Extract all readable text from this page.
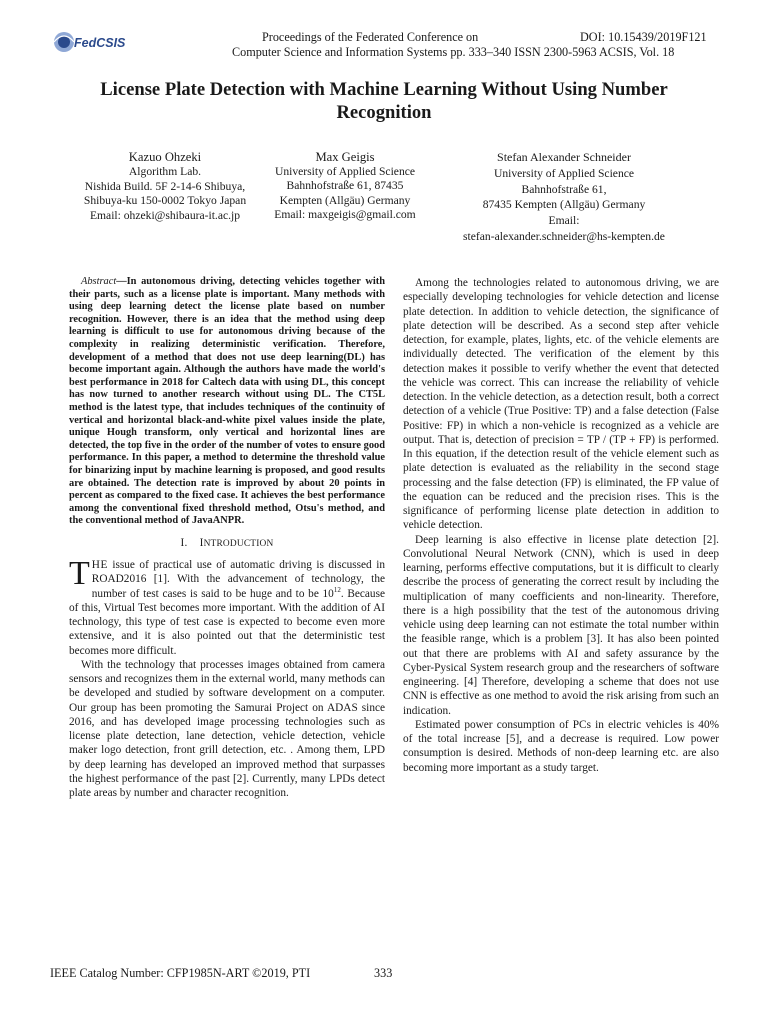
FedCSIS	Proceedings of the Federated Conference on	DOI: 10.15439/2019F121
Computer Science and Information Systems pp. 333–340 ISSN 2300-5963 ACSIS, Vol. 18
License Plate Detection with Machine Learning Without Using Number Recognition
Kazuo Ohzeki
Algorithm Lab.
Nishida Build. 5F 2-14-6 Shibuya,
Shibuya-ku 150-0002 Tokyo Japan
Email: ohzeki@shibaura-it.ac.jp
Max Geigis
University of Applied Science
Bahnhofstraße 61, 87435
Kempten (Allgäu) Germany
Email: maxgeigis@gmail.com
Stefan Alexander Schneider
University of Applied Science
Bahnhofstraße 61,
87435 Kempten (Allgäu) Germany
Email:
stefan-alexander.schneider@hs-kempten.de

Abstract—In autonomous driving, detecting vehicles together with their parts, such as a license plate is important. Many methods with using deep learning detect the license plate based on number recognition. However, there is an idea that the method using deep learning is difficult to use for autonomous driving because of the complexity in realizing deterministic verification. Therefore, development of a method that does not use deep learning(DL) has become important again. Although the authors have made the world's best performance in 2018 for Caltech data with using DL, this concept has now turned to another research without using DL. The CT5L method is the latest type, that includes techniques of the continuity of vertical and horizontal black-and-white pixel values inside the plate, unique Hough transform, only vertical and horizontal lines are detected, the top five in the order of the number of votes to ensure good performance. In this paper, a method to determine the threshold value for binarizing input by machine learning is proposed, and good results are obtained. The detection rate is improved by about 20 points in percent as compared to the fixed case. It achieves the best performance among the conventional fixed threshold method, Otsu's method, and the conventional method of JavaANPR.

I. INTRODUCTION

THE issue of practical use of automatic driving is discussed in ROAD2016 [1]. With the advancement of technology, the number of test cases is said to be huge and to be $10^{12}$. Because of this, Virtual Test becomes more important. With the addition of AI technology, this type of test case is expected to become even more extensive, and it is also pointed out that the deterministic test becomes more difficult.

With the technology that processes images obtained from camera sensors and recognizes them in the external world, many methods can be developed and studied by software development on a computer. Our group has been promoting the Samurai Project on ADAS since 2016, and has developed image processing technologies such as license plate detection, lane detection, vehicle detection, vehicle maker logo detection, front grill detection, etc. . Among them, LPD by deep learning has developed an improved method that surpasses the highest performance of the past [2]. Currently, many LPDs detect plate areas by number and character recognition.

Among the technologies related to autonomous driving, we are especially developing technologies for vehicle detection and license plate detection. In addition to vehicle detection, the significance of plate detection will be described. As a second step after vehicle detection, for example, plates, lights, etc. of the vehicle elements are individually detected. The verification of the element by this detection makes it possible to verify whether the event that detected the vehicle was correct. This can increase the reliability of vehicle detection. In the vehicle detection, as a detection result, both a correct detection of a vehicle (True Positive: TP) and a false detection (False Positive: FP) in which a non-vehicle is recognized as a vehicle are output. That is, detection of precision = TP / (TP + FP) is performed. In this equation, if the detection result of the vehicle element such as plate detection is evaluated as the reliability in the second stage processing and the false detection (FP) is eliminated, the FP value of the equation can be reduced and the precision rises. This is the significance of performing license plate detection in addition to vehicle detection.

Deep learning is also effective in license plate detection [2]. Convolutional Neural Network (CNN), which is used in deep learning, performs effective computations, but it is difficult to clearly describe the process of generating the correct result by including the multiplication of many coefficients and non-linearity. Therefore, there is a high possibility that the test of the autonomous driving vehicle using deep learning can not estimate the total number within the feasible range, which is a problem [3]. It has also been pointed out that there are problems with AI and safety assurance by the Cyber-Pysical System research group and the researchers of software engineering. [4] Therefore, developing a scheme that does not use CNN is effective as one method to avoid the risk arising from such an indication.

Estimated power consumption of PCs in electric vehicles is 40% of the total increase [5], and a decrease is required. Low power consumption is desired. Methods of non-deep learning etc. are also becoming more important as a study target.

IEEE Catalog Number: CFP1985N-ART ©2019, PTI	333
